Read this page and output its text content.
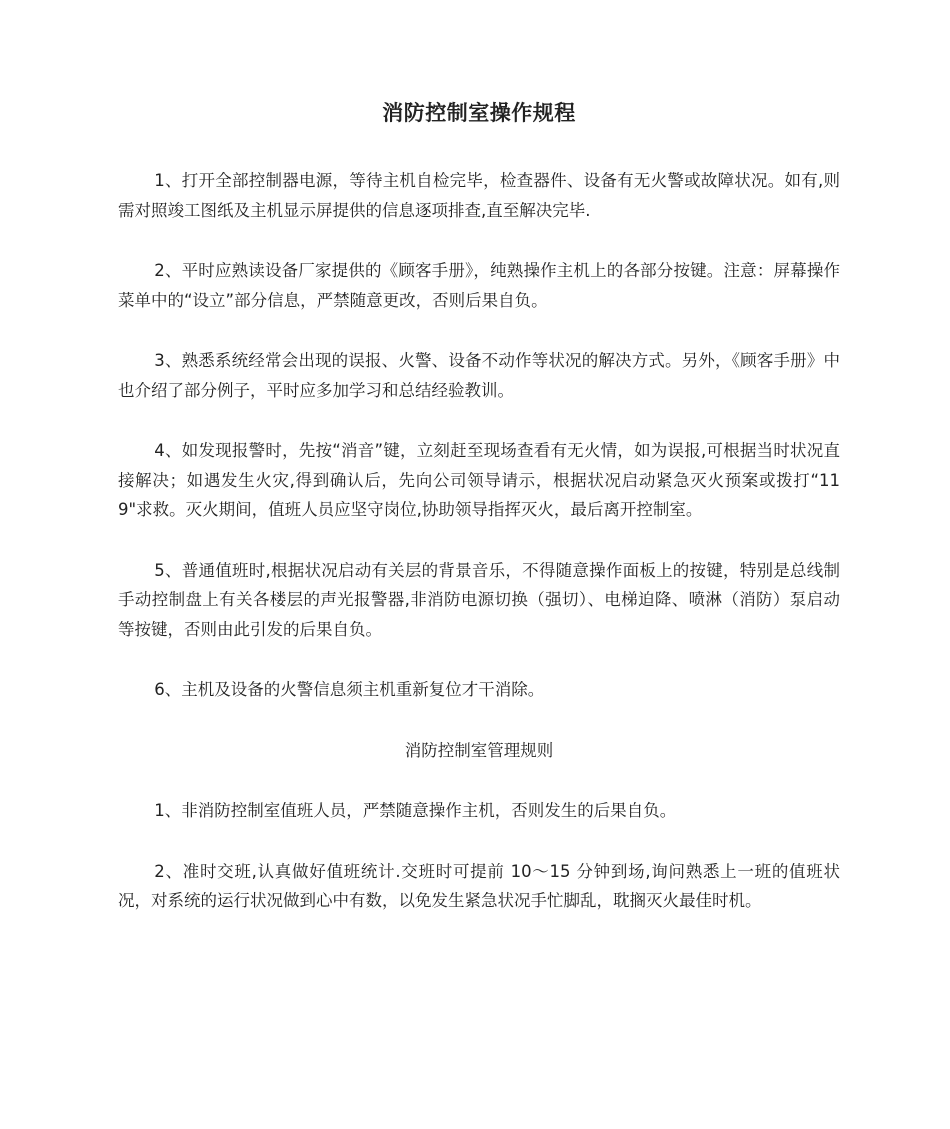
消防控制室操作规程

1、打开全部控制器电源，等待主机自检完毕，检查器件、设备有无火警或故障状况。如有,则需对照竣工图纸及主机显示屏提供的信息逐项排查,直至解决完毕.

2、平时应熟读设备厂家提供的《顾客手册》，纯熟操作主机上的各部分按键。注意：屏幕操作菜单中的“设立”部分信息，严禁随意更改，否则后果自负。

3、熟悉系统经常会出现的误报、火警、设备不动作等状况的解决方式。另外，《顾客手册》中也介绍了部分例子，平时应多加学习和总结经验教训。

4、如发现报警时，先按“消音”键，立刻赶至现场查看有无火情，如为误报,可根据当时状况直接解决；如遇发生火灾,得到确认后，先向公司领导请示，根据状况启动紧急灭火预案或拨打“119"求救。灭火期间，值班人员应坚守岗位,协助领导指挥灭火，最后离开控制室。

5、普通值班时,根据状况启动有关层的背景音乐，不得随意操作面板上的按键，特别是总线制手动控制盘上有关各楼层的声光报警器,非消防电源切换（强切）、电梯迫降、喷淋（消防）泵启动等按键，否则由此引发的后果自负。

6、主机及设备的火警信息须主机重新复位才干消除。

消防控制室管理规则

1、非消防控制室值班人员，严禁随意操作主机，否则发生的后果自负。

2、准时交班,认真做好值班统计.交班时可提前 10～15 分钟到场,询问熟悉上一班的值班状况，对系统的运行状况做到心中有数，以免发生紧急状况手忙脚乱，耽搁灭火最佳时机。
